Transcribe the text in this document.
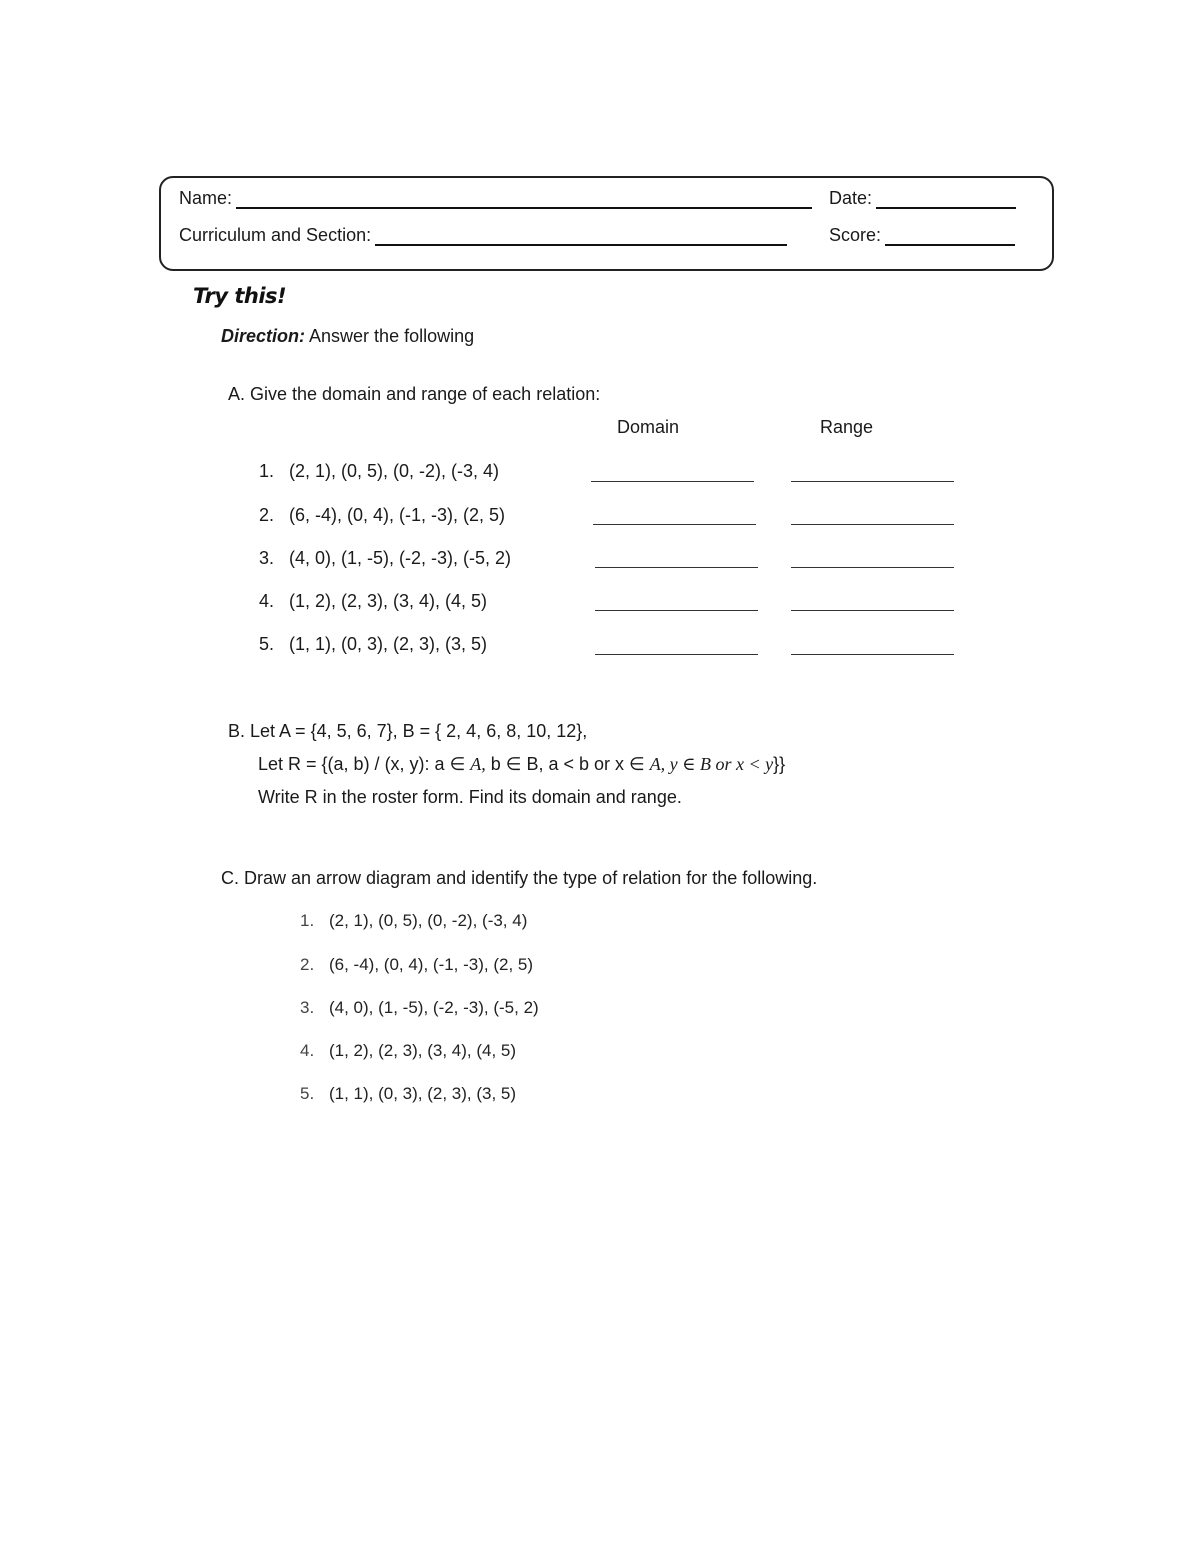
Name:	Date:
Curriculum and Section:	Score:
Try this!
Direction: Answer the following
A. Give the domain and range of each relation:
Domain	Range
1. (2, 1), (0, 5), (0, -2), (-3, 4)
2. (6, -4), (0, 4), (-1, -3), (2, 5)
3. (4, 0), (1, -5), (-2, -3), (-5, 2)
4. (1, 2), (2, 3), (3, 4), (4, 5)
5. (1, 1), (0, 3), (2, 3), (3, 5)
B. Let A = {4, 5, 6, 7}, B = { 2, 4, 6, 8, 10, 12},
Let R = {(a, b) / (x, y): a ∈ A, b ∈ B, a < b or x ∈ A, y ∈ B or x < y}}
Write R in the roster form. Find its domain and range.
C. Draw an arrow diagram and identify the type of relation for the following.
1. (2, 1), (0, 5), (0, -2), (-3, 4)
2. (6, -4), (0, 4), (-1, -3), (2, 5)
3. (4, 0), (1, -5), (-2, -3), (-5, 2)
4. (1, 2), (2, 3), (3, 4), (4, 5)
5. (1, 1), (0, 3), (2, 3), (3, 5)
